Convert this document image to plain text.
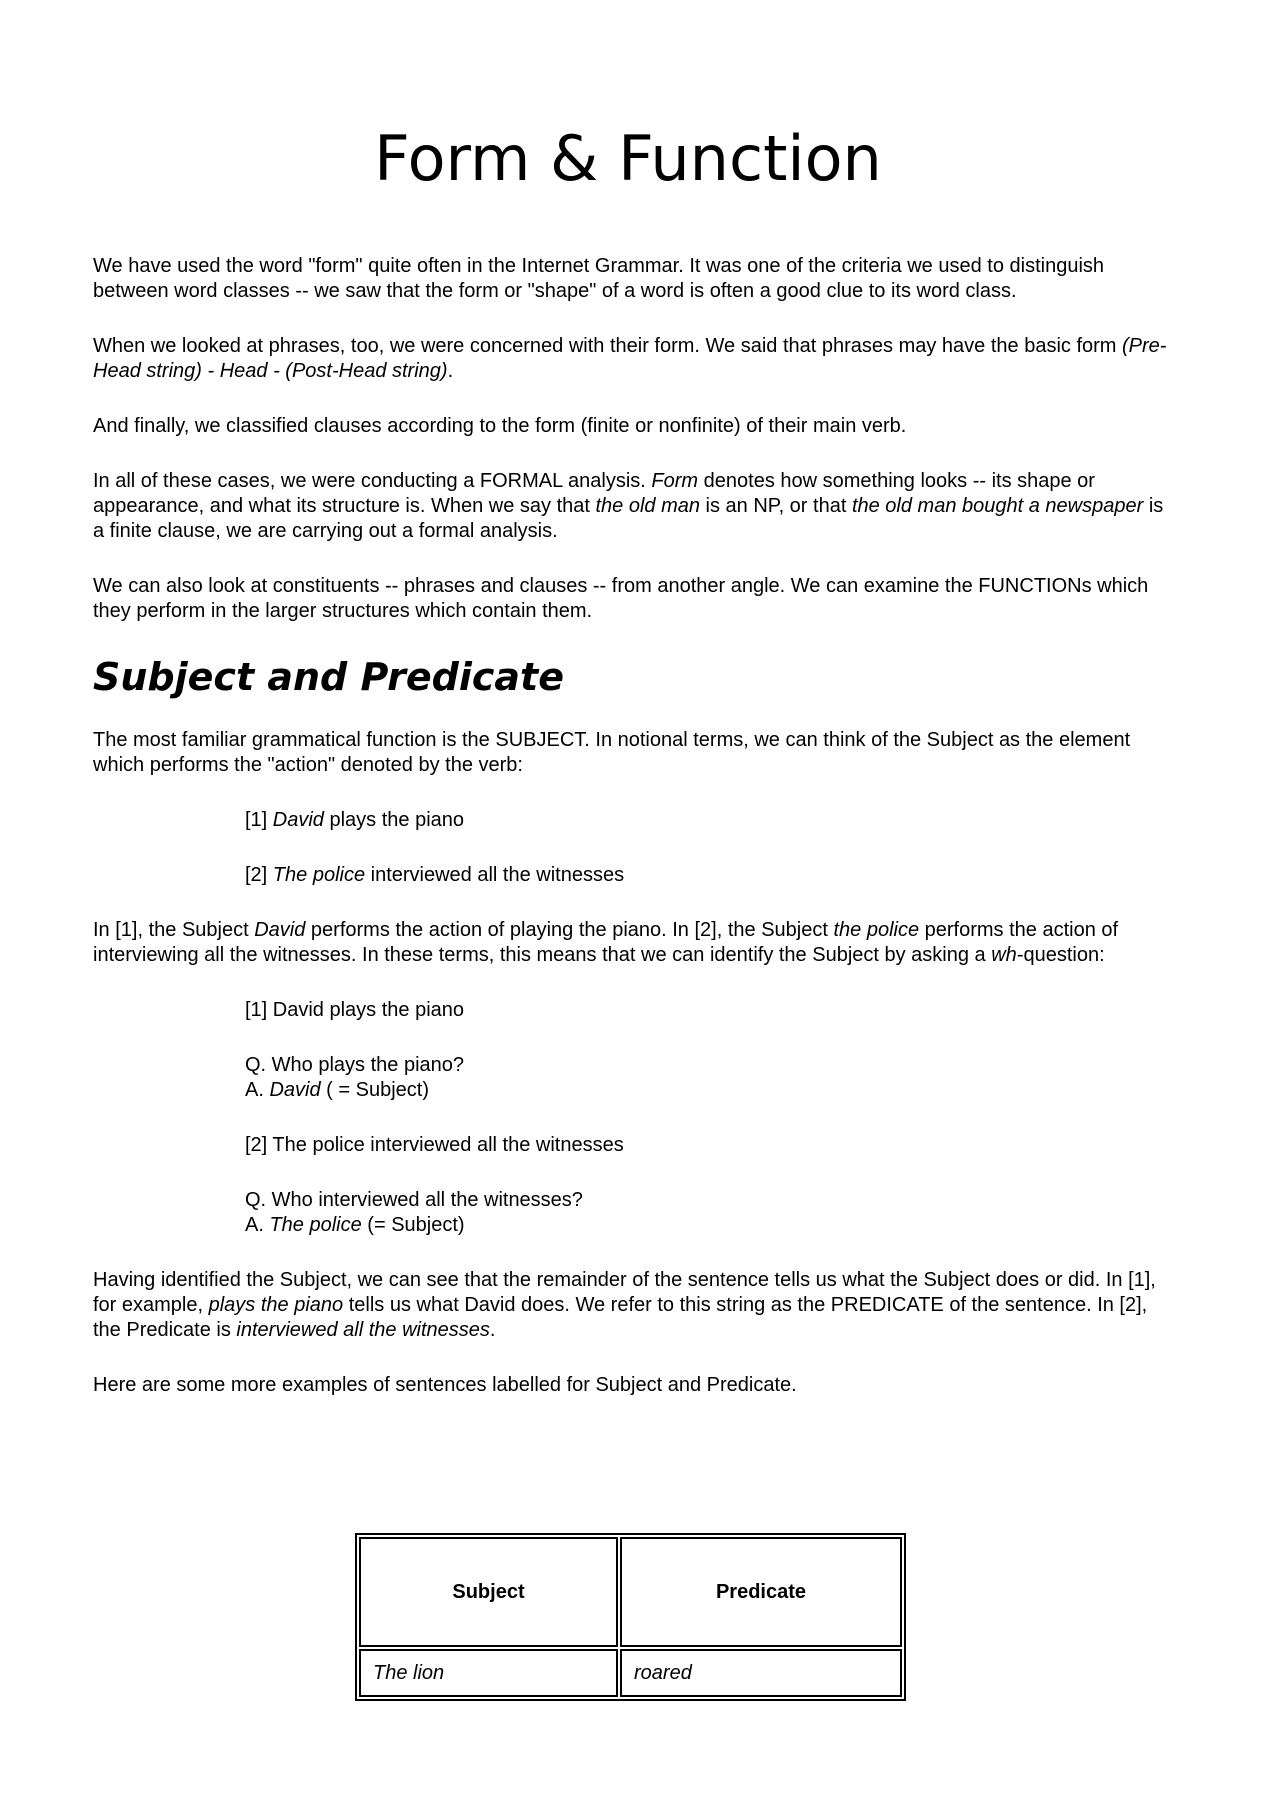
Form & Function

We have used the word "form" quite often in the Internet Grammar. It was one of the criteria we used to distinguish between word classes -- we saw that the form or "shape" of a word is often a good clue to its word class.

When we looked at phrases, too, we were concerned with their form. We said that phrases may have the basic form (Pre-Head string) - Head - (Post-Head string).

And finally, we classified clauses according to the form (finite or nonfinite) of their main verb.

In all of these cases, we were conducting a FORMAL analysis. Form denotes how something looks -- its shape or appearance, and what its structure is. When we say that the old man is an NP, or that the old man bought a newspaper is a finite clause, we are carrying out a formal analysis.

We can also look at constituents -- phrases and clauses -- from another angle. We can examine the FUNCTIONs which they perform in the larger structures which contain them.

Subject and Predicate

The most familiar grammatical function is the SUBJECT. In notional terms, we can think of the Subject as the element which performs the "action" denoted by the verb:

[1] David plays the piano

[2] The police interviewed all the witnesses

In [1], the Subject David performs the action of playing the piano. In [2], the Subject the police performs the action of interviewing all the witnesses. In these terms, this means that we can identify the Subject by asking a wh-question:

[1] David plays the piano

Q. Who plays the piano?
A. David ( = Subject)

[2] The police interviewed all the witnesses

Q. Who interviewed all the witnesses?
A. The police (= Subject)

Having identified the Subject, we can see that the remainder of the sentence tells us what the Subject does or did. In [1], for example, plays the piano tells us what David does. We refer to this string as the PREDICATE of the sentence. In [2], the Predicate is interviewed all the witnesses.

Here are some more examples of sentences labelled for Subject and Predicate.

Subject	Predicate
The lion	roared
